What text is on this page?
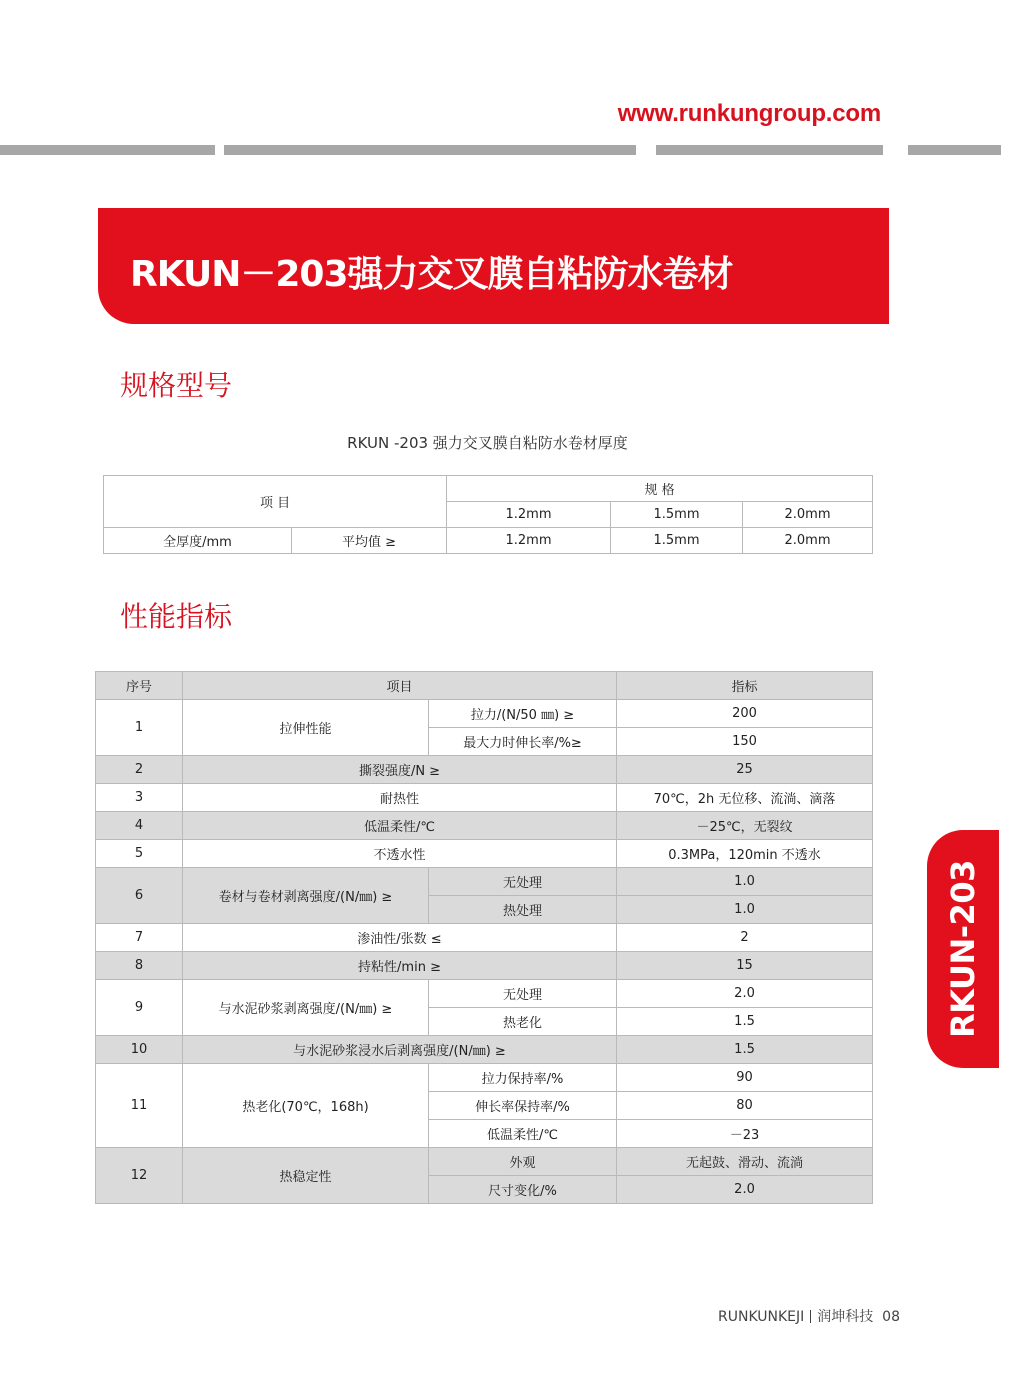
www.runkungroup.com
RKUN－203强力交叉膜自粘防水卷材
规格型号
RKUN -203 强力交叉膜自粘防水卷材厚度
项 目		规 格		
		1.2mm	1.5mm	2.0mm
全厚度/mm	平均值 ≥	1.2mm	1.5mm	2.0mm
性能指标
序号	项目		指标
1	拉伸性能	拉力/(N/50 ㎜) ≥	200
		最大力时伸长率/%≥	150
2	撕裂强度/N ≥		25
3	耐热性		70℃，2h 无位移、流淌、滴落
4	低温柔性/℃		－25℃，无裂纹
5	不透水性		0.3MPa，120min 不透水
6	卷材与卷材剥离强度/(N/㎜) ≥	无处理	1.0
		热处理	1.0
7	渗油性/张数 ≤		2
8	持粘性/min ≥		15
9	与水泥砂浆剥离强度/(N/㎜) ≥	无处理	2.0
		热老化	1.5
10	与水泥砂浆浸水后剥离强度/(N/㎜) ≥		1.5
11	热老化(70℃，168h)	拉力保持率/%	90
		伸长率保持率/%	80
		低温柔性/℃	－23
12	热稳定性	外观	无起鼓、滑动、流淌
		尺寸变化/%	2.0
RKUN-203
RUNKUNKEJI 润坤科技 08
